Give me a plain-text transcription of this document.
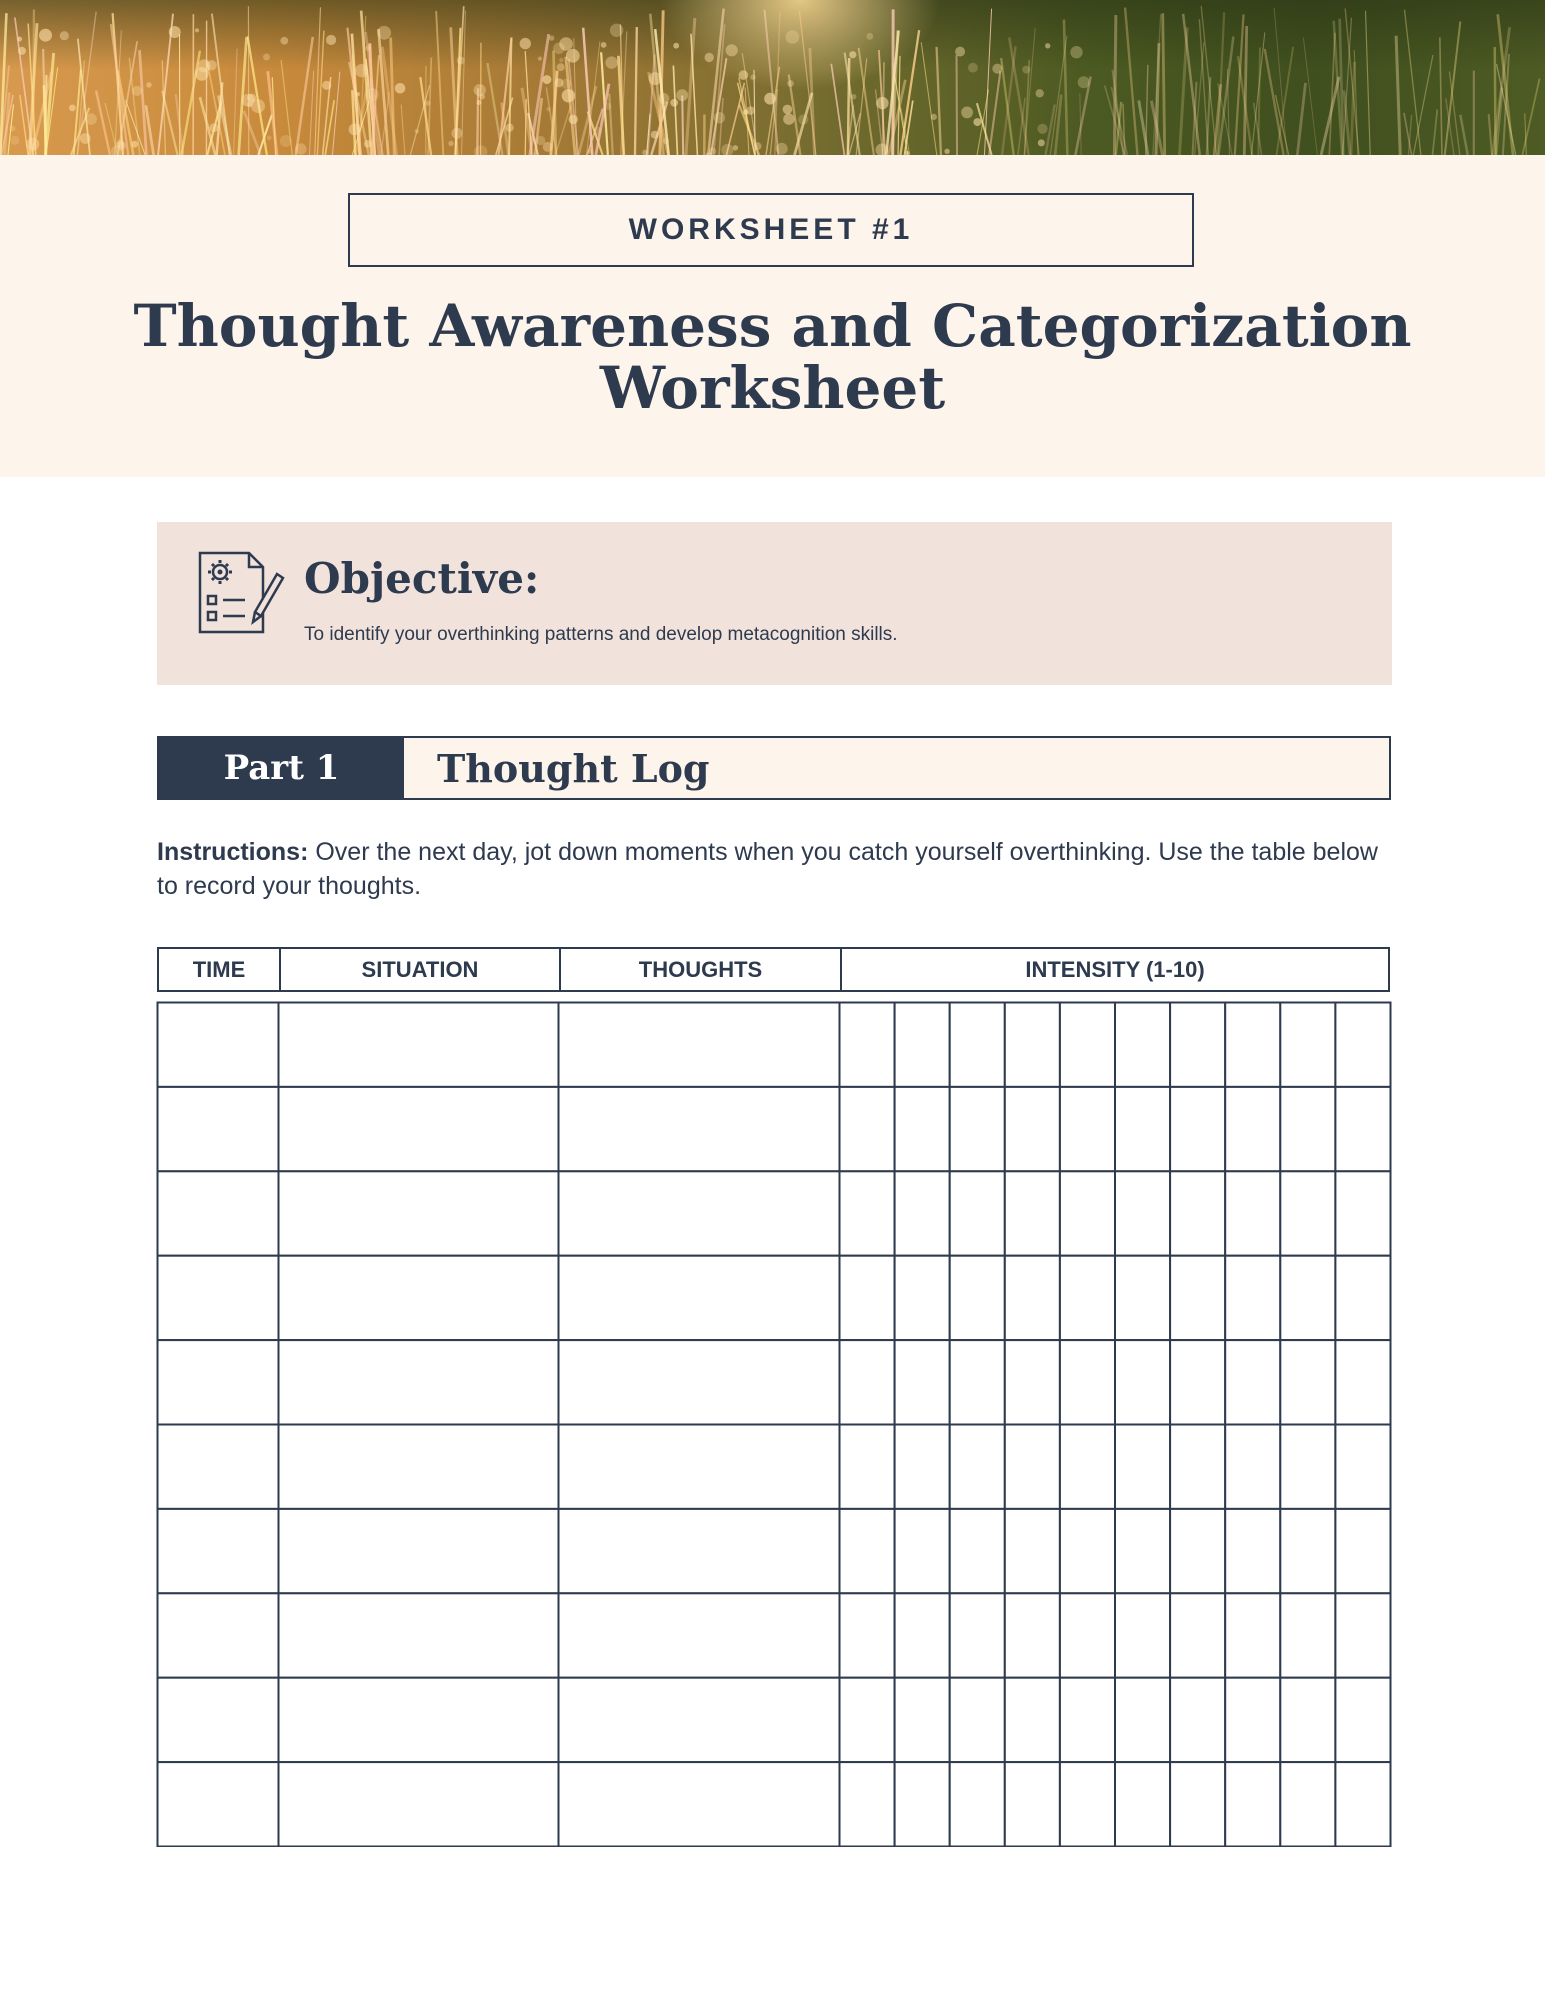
WORKSHEET #1
Thought Awareness and Categorization
Worksheet
Objective:
To identify your overthinking patterns and develop metacognition skills.
Part 1	Thought Log
Instructions: Over the next day, jot down moments when you catch yourself overthinking. Use the table below to record your thoughts.
TIME	SITUATION	THOUGHTS	INTENSITY (1-10)
